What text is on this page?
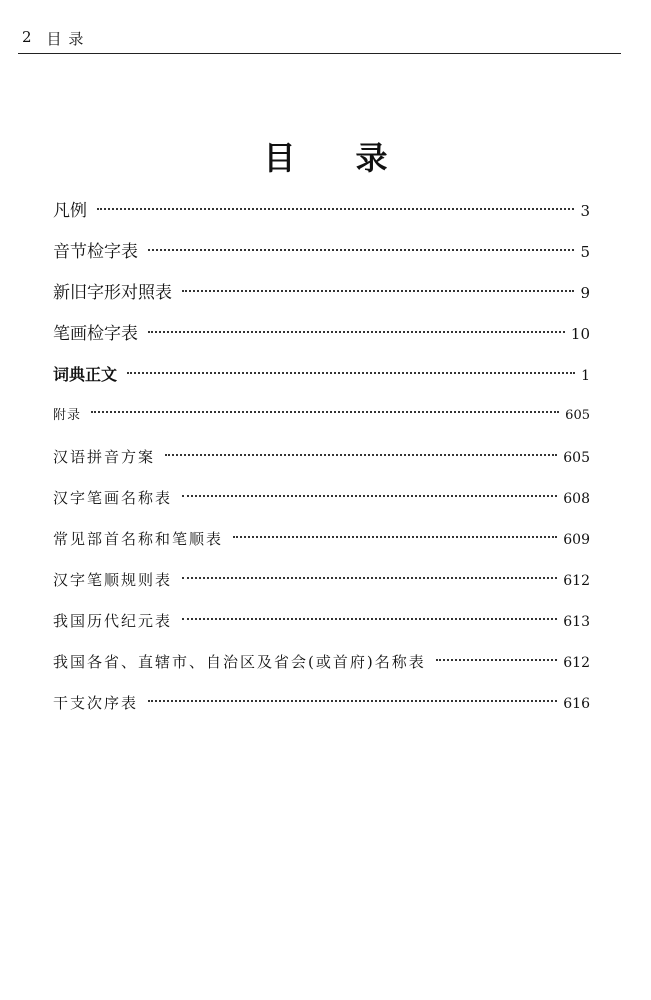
2 目 录
目录
凡例	3
音节检字表	5
新旧字形对照表	9
笔画检字表	10
词典正文	1
附录	605
汉语拼音方案	605
汉字笔画名称表	608
常见部首名称和笔顺表	609
汉字笔顺规则表	612
我国历代纪元表	613
我国各省、直辖市、自治区及省会(或首府)名称表	612
干支次序表	616
